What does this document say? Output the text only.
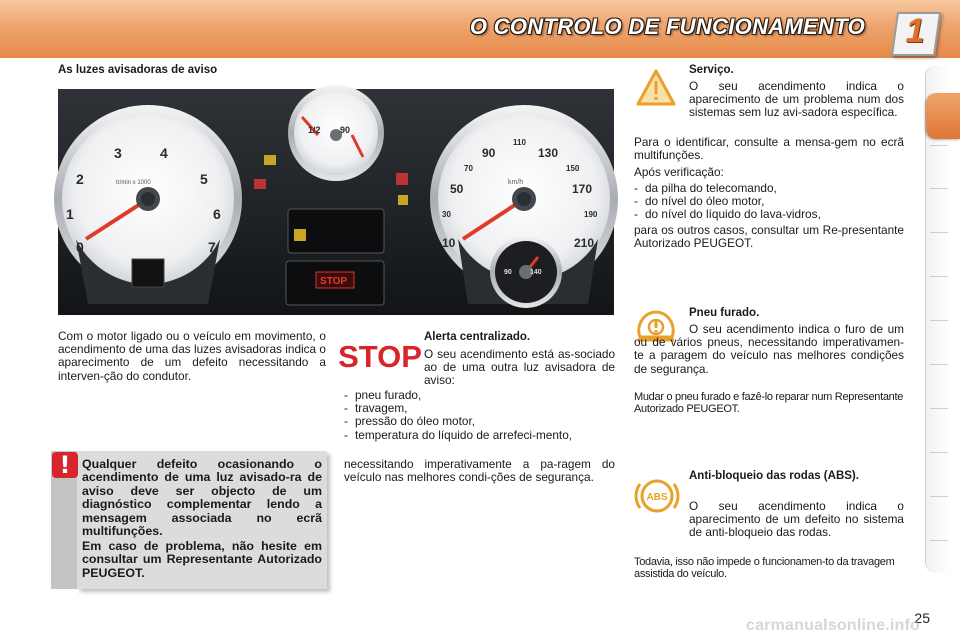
O CONTROLO DE FUNCIONAMENTO 1
As luzes avisadoras de aviso
0
1
2
3	4
5
6
7
tr/min x 1000
10
30
50
70
90
110
130
150
170
190
210
km/h
90	140
1/2 90
STOP
Com o motor ligado ou o veículo em movimento, o acendimento de uma das luzes avisadoras indica o aparecimento de um defeito necessitando a interven-ção do condutor.
! Qualquer defeito ocasionando o acendimento de uma luz avisado-ra de aviso deve ser objecto de um diagnóstico complementar lendo a mensagem associada no ecrã multifunções.
Em caso de problema, não hesite em consultar um Representante Autorizado PEUGEOT.
STOP
Alerta centralizado.
O seu acendimento está as-sociado ao de uma outra luz avisadora de aviso:
- pneu furado,
- travagem,
- pressão do óleo motor,
- temperatura do líquido de arrefeci-mento,
necessitando imperativamente a pa-ragem do veículo nas melhores condi-ções de segurança.
Serviço.
O seu acendimento indica o aparecimento de um problema num dos sistemas sem luz avi-sadora específica.
Para o identificar, consulte a mensa-gem no ecrã multifunções.
Após verificação:
- da pilha do telecomando,
- do nível do óleo motor,
- do nível do líquido do lava-vidros,
para os outros casos, consultar um Re-presentante Autorizado PEUGEOT.
Pneu furado.
O seu acendimento indica o furo de um ou de vários pneus, necessitando imperativamen-te a paragem do veículo nas melhores condições de segurança.
Mudar o pneu furado e fazê-lo reparar num Representante Autorizado PEUGEOT.
ABS
Anti-bloqueio das rodas (ABS).
O seu acendimento indica o aparecimento de um defeito no sistema de anti-bloqueio das rodas.
Todavia, isso não impede o funcionamen-to da travagem assistida do veículo.
25
carmanualsonline.info
